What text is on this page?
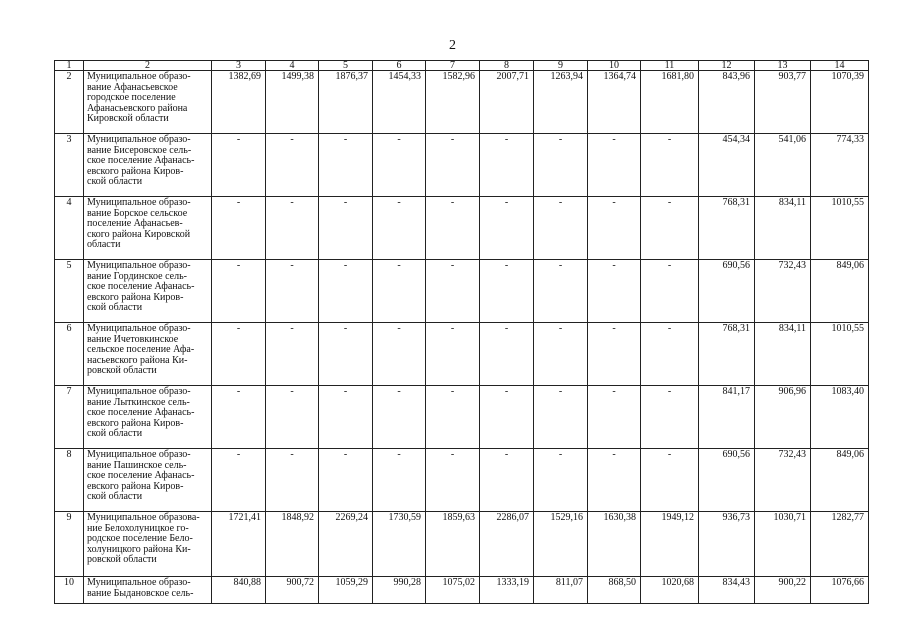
2
1	2	3	4	5	6	7	8	9	10	11	12	13	14
2	Муниципальное образо-
вание Афанасьевское
городское поселение
Афанасьевского района
Кировской области	1382,69	1499,38	1876,37	1454,33	1582,96	2007,71	1263,94	1364,74	1681,80	843,96	903,77	1070,39
3	Муниципальное образо-
вание Бисеровское сель-
ское поселение Афанась-
евского района Киров-
ской области	-	-	-	-	-	-	-	-	-	454,34	541,06	774,33
4	Муниципальное образо-
вание Борское сельское
поселение Афанасьев-
ского района Кировской
области	-	-	-	-	-	-	-	-	-	768,31	834,11	1010,55
5	Муниципальное образо-
вание Гординское сель-
ское поселение Афанась-
евского района Киров-
ской области	-	-	-	-	-	-	-	-	-	690,56	732,43	849,06
6	Муниципальное образо-
вание Ичетовкинское
сельское поселение Афа-
насьевского района Ки-
ровской области	-	-	-	-	-	-	-	-	-	768,31	834,11	1010,55
7	Муниципальное образо-
вание Лыткинское сель-
ское поселение Афанась-
евского района Киров-
ской области	-	-	-	-	-	-	-	-	-	841,17	906,96	1083,40
8	Муниципальное образо-
вание Пашинское сель-
ское поселение Афанась-
евского района Киров-
ской области	-	-	-	-	-	-	-	-	-	690,56	732,43	849,06
9	Муниципальное образова-
ние Белохолуницкое го-
родское поселение Бело-
холуницкого района Ки-
ровской области	1721,41	1848,92	2269,24	1730,59	1859,63	2286,07	1529,16	1630,38	1949,12	936,73	1030,71	1282,77
10	Муниципальное образо-
вание Быдановское сель-	840,88	900,72	1059,29	990,28	1075,02	1333,19	811,07	868,50	1020,68	834,43	900,22	1076,66
